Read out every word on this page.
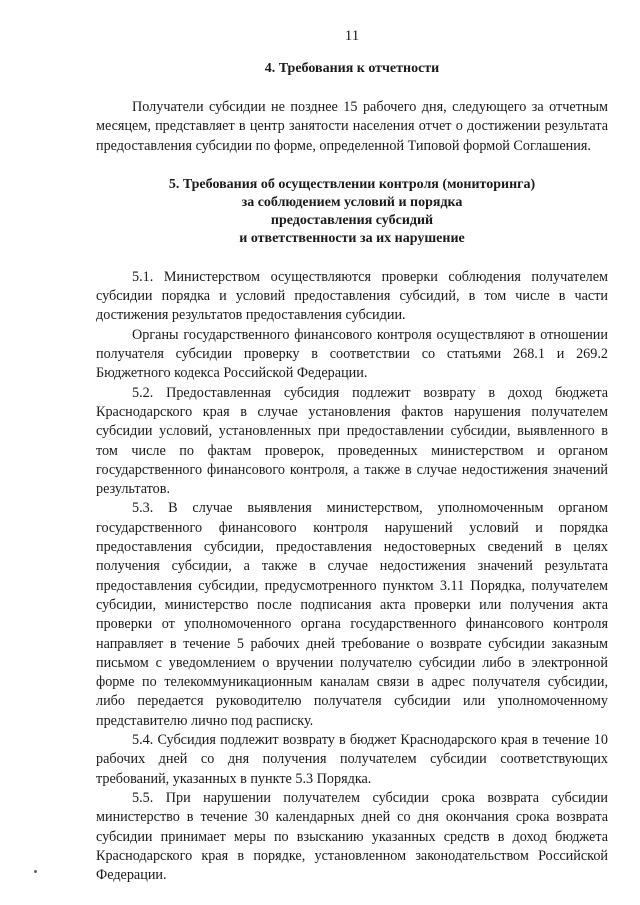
11

4. Требования к отчетности

Получатели субсидии не позднее 15 рабочего дня, следующего за отчетным месяцем, представляет в центр занятости населения отчет о достижении результата предоставления субсидии по форме, определенной Типовой формой Соглашения.

5. Требования об осуществлении контроля (мониторинга)
за соблюдением условий и порядка
предоставления субсидий
и ответственности за их нарушение

5.1. Министерством осуществляются проверки соблюдения получателем субсидии порядка и условий предоставления субсидий, в том числе в части достижения результатов предоставления субсидии.

Органы государственного финансового контроля осуществляют в отношении получателя субсидии проверку в соответствии со статьями 268.1 и 269.2 Бюджетного кодекса Российской Федерации.

5.2. Предоставленная субсидия подлежит возврату в доход бюджета Краснодарского края в случае установления фактов нарушения получателем субсидии условий, установленных при предоставлении субсидии, выявленного в том числе по фактам проверок, проведенных министерством и органом государственного финансового контроля, а также в случае недостижения значений результатов.

5.3. В случае выявления министерством, уполномоченным органом государственного финансового контроля нарушений условий и порядка предоставления субсидии, предоставления недостоверных сведений в целях получения субсидии, а также в случае недостижения значений результата предоставления субсидии, предусмотренного пунктом 3.11 Порядка, получателем субсидии, министерство после подписания акта проверки или получения акта проверки от уполномоченного органа государственного финансового контроля направляет в течение 5 рабочих дней требование о возврате субсидии заказным письмом с уведомлением о вручении получателю субсидии либо в электронной форме по телекоммуникационным каналам связи в адрес получателя субсидии, либо передается руководителю получателя субсидии или уполномоченному представителю лично под расписку.

5.4. Субсидия подлежит возврату в бюджет Краснодарского края в течение 10 рабочих дней со дня получения получателем субсидии соответствующих требований, указанных в пункте 5.3 Порядка.

5.5. При нарушении получателем субсидии срока возврата субсидии министерство в течение 30 календарных дней со дня окончания срока возврата субсидии принимает меры по взысканию указанных средств в доход бюджета Краснодарского края в порядке, установленном законодательством Российской Федерации.
